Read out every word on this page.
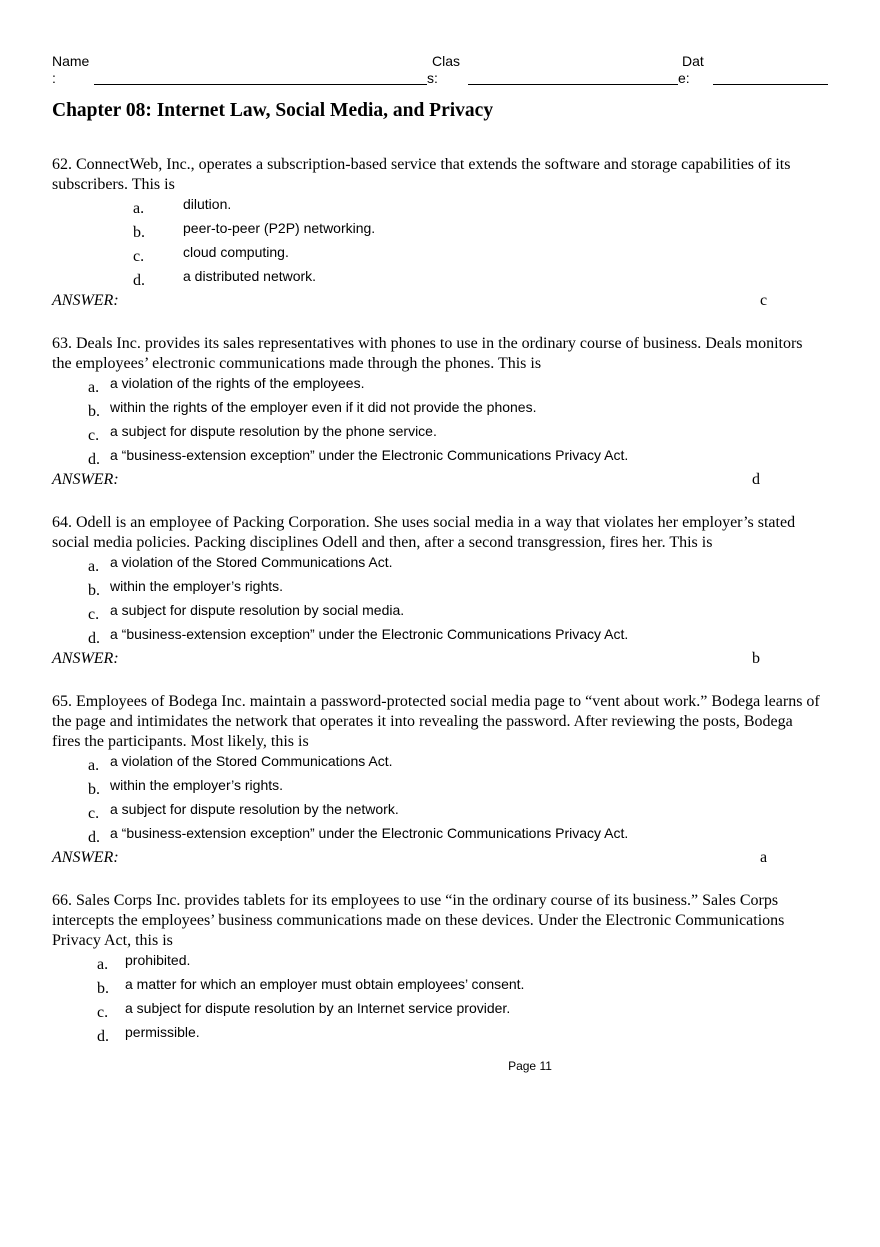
Name
:
Clas
s:
Dat
e:
Chapter 08: Internet Law, Social Media, and Privacy

62. ConnectWeb, Inc., operates a subscription-based service that extends the software and storage capabilities of its subscribers. This is

a.	dilution.
b.	peer-to-peer (P2P) networking.
c.	cloud computing.
d.	a distributed network.
ANSWER:	c

63. Deals Inc. provides its sales representatives with phones to use in the ordinary course of business. Deals monitors the employees’ electronic communications made through the phones. This is

a. a violation of the rights of the employees.
b. within the rights of the employer even if it did not provide the phones.
c. a subject for dispute resolution by the phone service.
d. a “business-extension exception” under the Electronic Communications Privacy Act.
ANSWER:	d

64. Odell is an employee of Packing Corporation. She uses social media in a way that violates her employer’s stated social media policies. Packing disciplines Odell and then, after a second transgression, fires her. This is

a. a violation of the Stored Communications Act.
b. within the employer’s rights.
c. a subject for dispute resolution by social media.
d. a “business-extension exception” under the Electronic Communications Privacy Act.
ANSWER:	b

65. Employees of Bodega Inc. maintain a password-protected social media page to “vent about work.” Bodega learns of the page and intimidates the network that operates it into revealing the password. After reviewing the posts, Bodega fires the participants. Most likely, this is

a. a violation of the Stored Communications Act.
b. within the employer’s rights.
c. a subject for dispute resolution by the network.
d. a “business-extension exception” under the Electronic Communications Privacy Act.
ANSWER:	a

66. Sales Corps Inc. provides tablets for its employees to use “in the ordinary course of its business.” Sales Corps intercepts the employees’ business communications made on these devices. Under the Electronic Communications Privacy Act, this is

a. prohibited.
b. a matter for which an employer must obtain employees’ consent.
c. a subject for dispute resolution by an Internet service provider.
d. permissible.
Page 11
